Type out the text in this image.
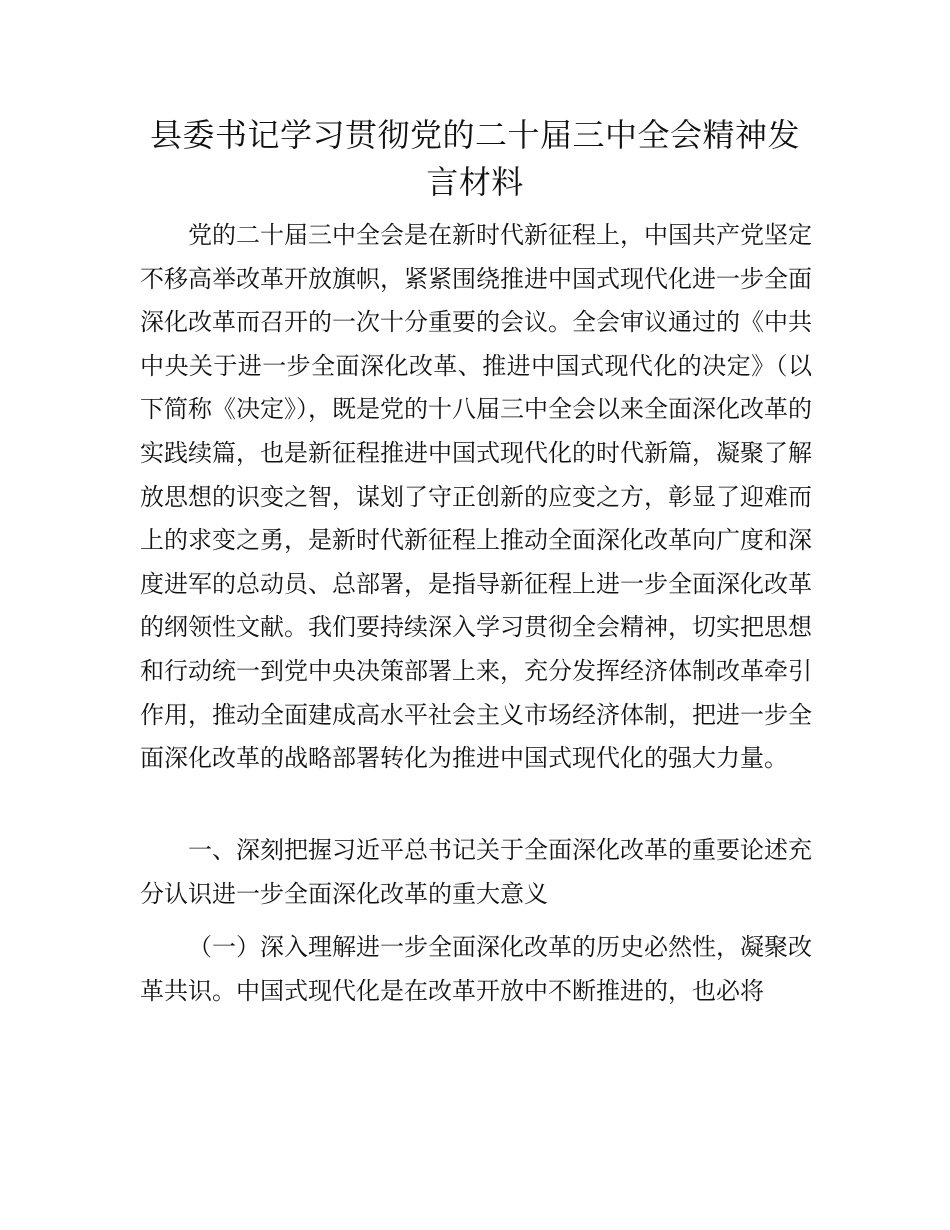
县委书记学习贯彻党的二十届三中全会精神发言材料

党的二十届三中全会是在新时代新征程上，中国共产党坚定不移高举改革开放旗帜，紧紧围绕推进中国式现代化进一步全面深化改革而召开的一次十分重要的会议。全会审议通过的《中共中央关于进一步全面深化改革、推进中国式现代化的决定》（以下简称《决定》），既是党的十八届三中全会以来全面深化改革的实践续篇，也是新征程推进中国式现代化的时代新篇，凝聚了解放思想的识变之智，谋划了守正创新的应变之方，彰显了迎难而上的求变之勇，是新时代新征程上推动全面深化改革向广度和深度进军的总动员、总部署，是指导新征程上进一步全面深化改革的纲领性文献。我们要持续深入学习贯彻全会精神，切实把思想和行动统一到党中央决策部署上来，充分发挥经济体制改革牵引作用，推动全面建成高水平社会主义市场经济体制，把进一步全面深化改革的战略部署转化为推进中国式现代化的强大力量。

一、深刻把握习近平总书记关于全面深化改革的重要论述充分认识进一步全面深化改革的重大意义

（一）深入理解进一步全面深化改革的历史必然性，凝聚改革共识。中国式现代化是在改革开放中不断推进的，也必将
